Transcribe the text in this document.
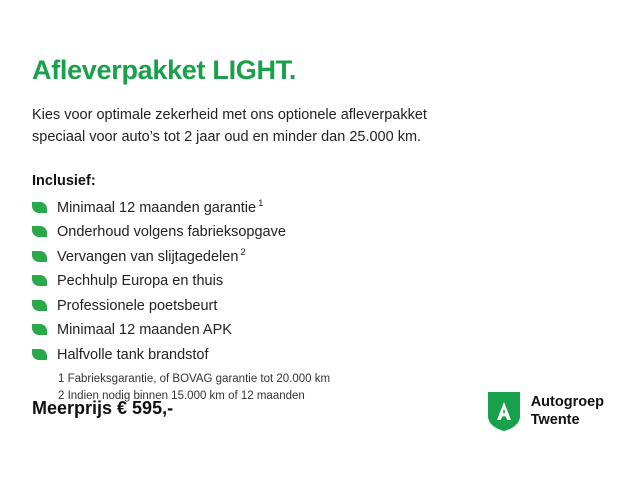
Afleverpakket LIGHT.

Kies voor optimale zekerheid met ons optionele afleverpakket
speciaal voor auto’s tot 2 jaar oud en minder dan 25.000 km.

Inclusief:
Minimaal 12 maanden garantie $^1$
Onderhoud volgens fabrieksopgave
Vervangen van slijtagedelen $^2$
Pechhulp Europa en thuis
Professionele poetsbeurt
Minimaal 12 maanden APK
Halfvolle tank brandstof
1 Fabrieksgarantie, of BOVAG garantie tot 20.000 km
2 Indien nodig binnen 15.000 km of 12 maanden
Meerprijs € 595,-	Autogroep
Twente
